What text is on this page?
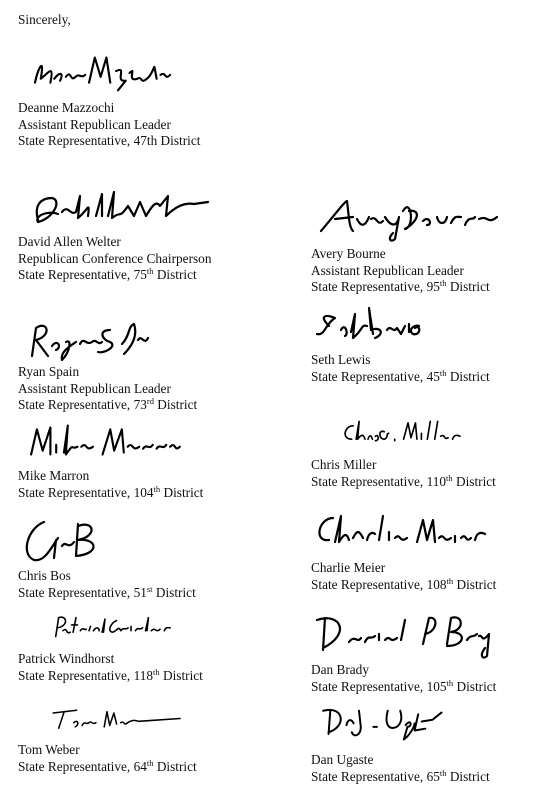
Sincerely,
Deanne Mazzochi
Assistant Republican Leader
State Representative, 47th District
David Allen Welter
Republican Conference Chairperson
State Representative, 75th District
Avery Bourne
Assistant Republican Leader
State Representative, 95th District
Ryan Spain
Assistant Republican Leader
State Representative, 73rd District
Seth Lewis
State Representative, 45th District
Mike Marron
State Representative, 104th District
Chris Miller
State Representative, 110th District
Chris Bos
State Representative, 51st District
Charlie Meier
State Representative, 108th District
Patrick Windhorst
State Representative, 118th District	Dan Brady
State Representative, 105th District
Tom Weber
State Representative, 64th District	Dan Ugaste
State Representative, 65th District
